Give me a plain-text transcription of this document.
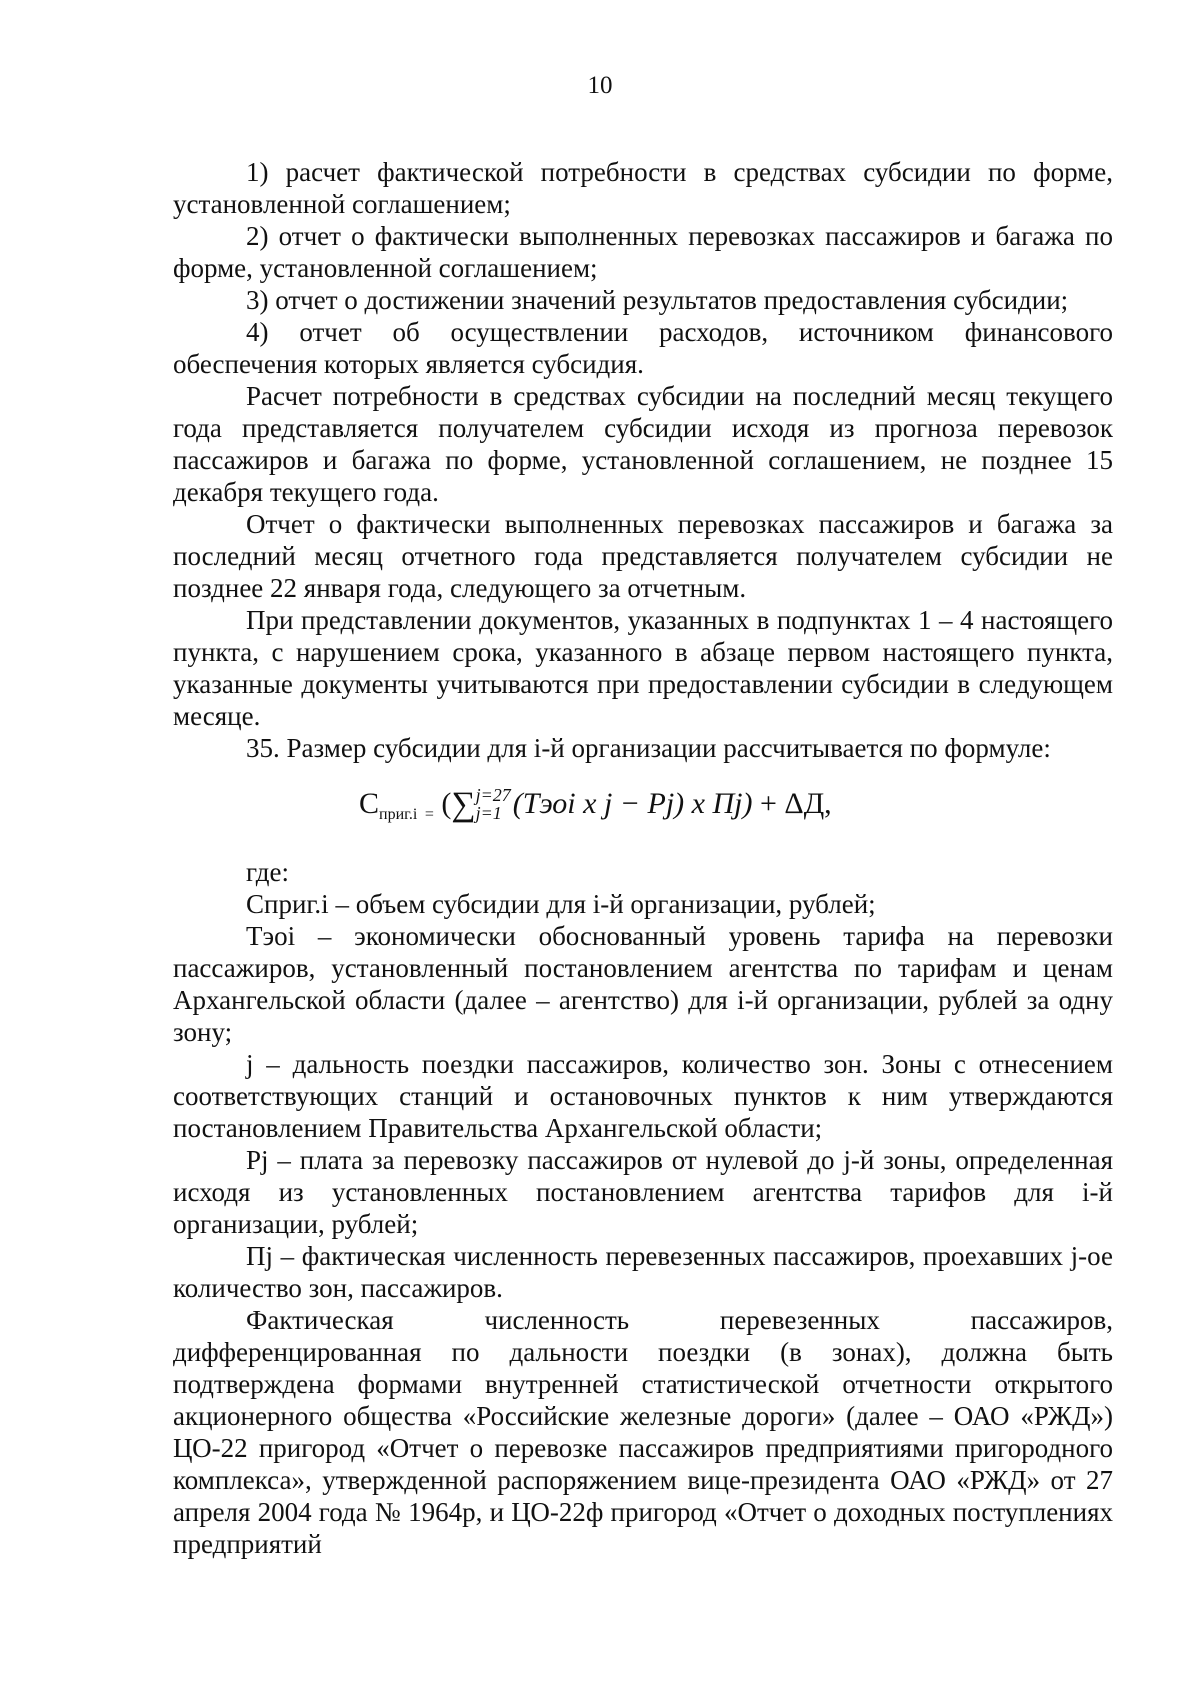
10

1) расчет фактической потребности в средствах субсидии по форме, установленной соглашением;

2) отчет о фактически выполненных перевозках пассажиров и багажа по форме, установленной соглашением;

3) отчет о достижении значений результатов предоставления субсидии;

4) отчет об осуществлении расходов, источником финансового обеспечения которых является субсидия.

Расчет потребности в средствах субсидии на последний месяц текущего года представляется получателем субсидии исходя из прогноза перевозок пассажиров и багажа по форме, установленной соглашением, не позднее 15 декабря текущего года.

Отчет о фактически выполненных перевозках пассажиров и багажа за последний месяц отчетного года представляется получателем субсидии не позднее 22 января года, следующего за отчетным.

При представлении документов, указанных в подпунктах 1 – 4 настоящего пункта, с нарушением срока, указанного в абзаце первом настоящего пункта, указанные документы учитываются при предоставлении субсидии в следующем месяце.

35. Размер субсидии для i-й организации рассчитывается по формуле:

$С_{приг.i}$ $_=$ (∑ j=27
j=1 (Тэоi х j − Pj) х Пj) + ΔД,

где:

Сприг.i – объем субсидии для i-й организации, рублей;

Тэоi – экономически обоснованный уровень тарифа на перевозки пассажиров, установленный постановлением агентства по тарифам и ценам Архангельской области (далее – агентство) для i-й организации, рублей за одну зону;

j – дальность поездки пассажиров, количество зон. Зоны с отнесением соответствующих станций и остановочных пунктов к ним утверждаются постановлением Правительства Архангельской области;

Pj – плата за перевозку пассажиров от нулевой до j-й зоны, определенная исходя из установленных постановлением агентства тарифов для i-й организации, рублей;

Пj – фактическая численность перевезенных пассажиров, проехавших j-ое количество зон, пассажиров.

Фактическая численность перевезенных пассажиров, дифференцированная по дальности поездки (в зонах), должна быть подтверждена формами внутренней статистической отчетности открытого акционерного общества «Российские железные дороги» (далее – ОАО «РЖД») ЦО-22 пригород «Отчет о перевозке пассажиров предприятиями пригородного комплекса», утвержденной распоряжением вице-президента ОАО «РЖД» от 27 апреля 2004 года № 1964р, и ЦО-22ф пригород «Отчет о доходных поступлениях предприятий
